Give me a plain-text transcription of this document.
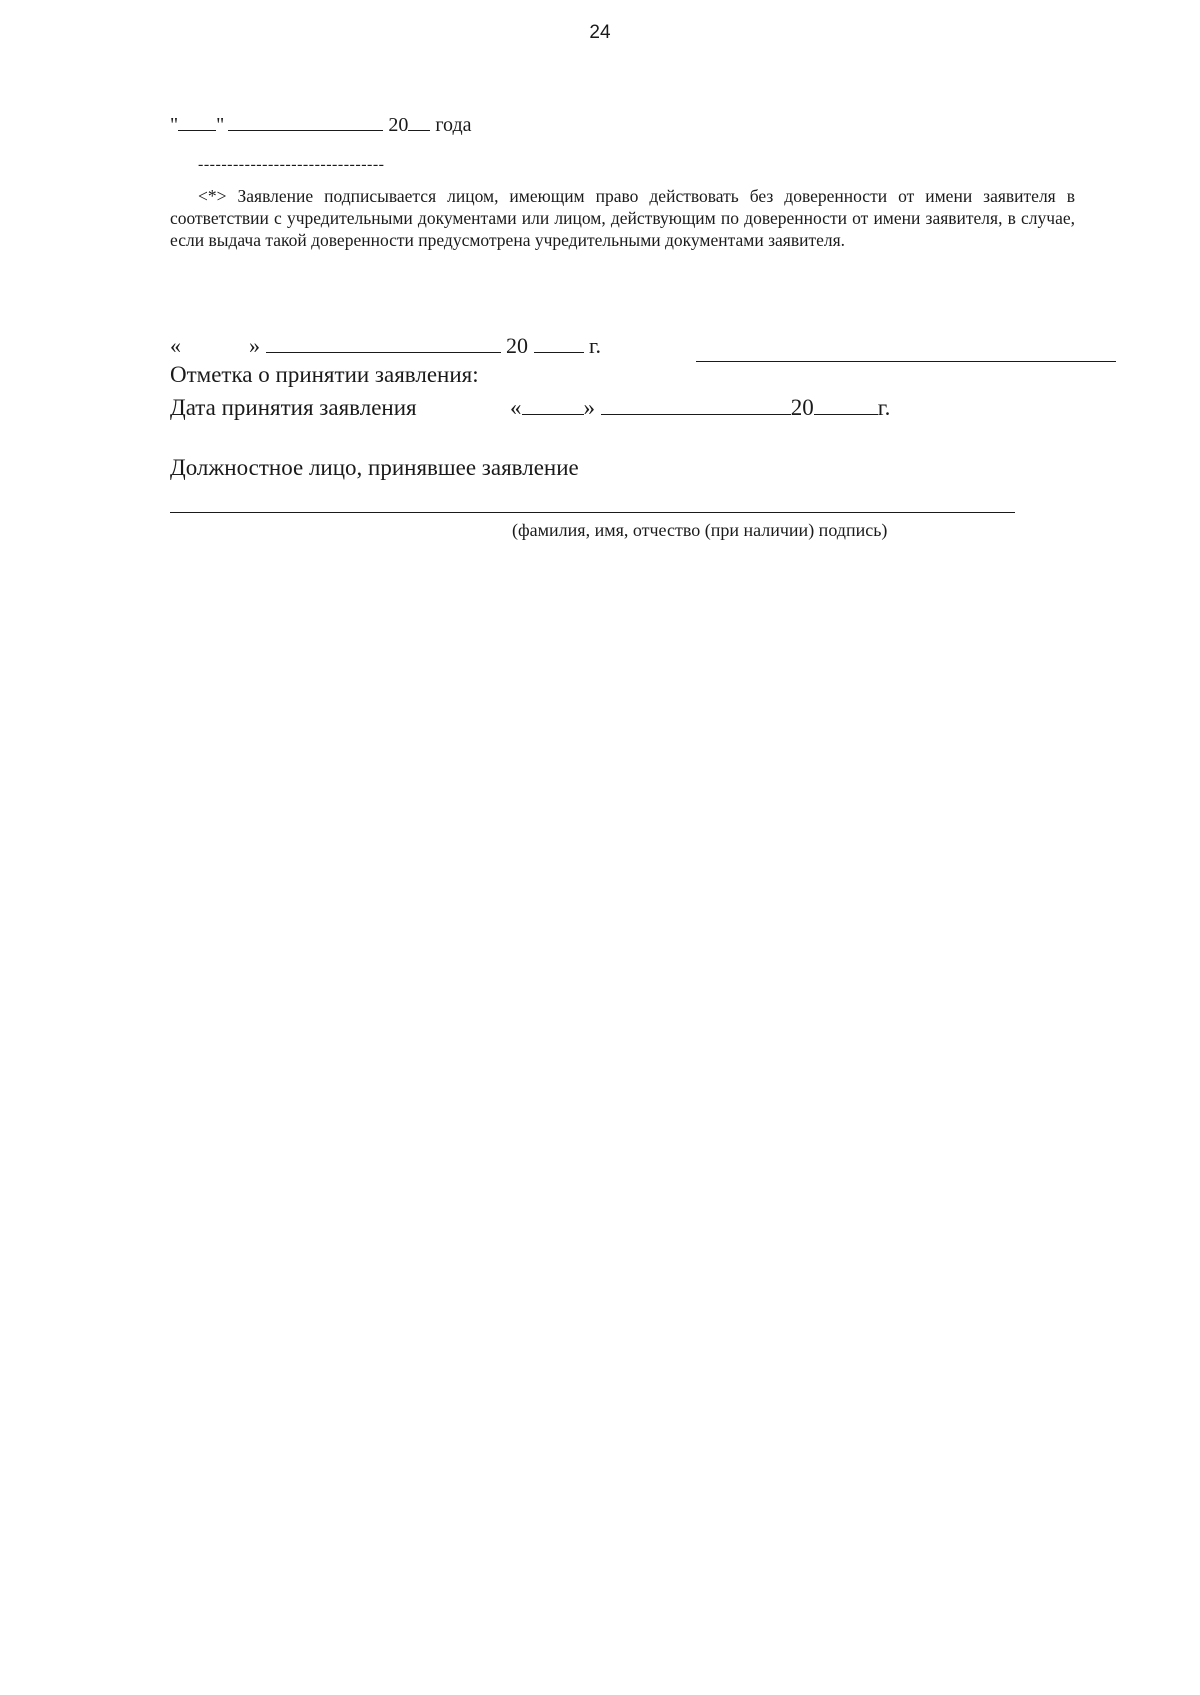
24
" "	20 года
--------------------------------
<*> Заявление подписывается лицом, имеющим право действовать без доверенности от имени заявителя в соответствии с учредительными документами или лицом, действующим по доверенности от имени заявителя, в случае, если выдача такой доверенности предусмотрена учредительными документами заявителя.
«	»	20	г.
Отметка о принятии заявления:
Дата принятия заявления	«	»	20	г.
Должностное лицо, принявшее заявление
(фамилия, имя, отчество (при наличии) подпись)
